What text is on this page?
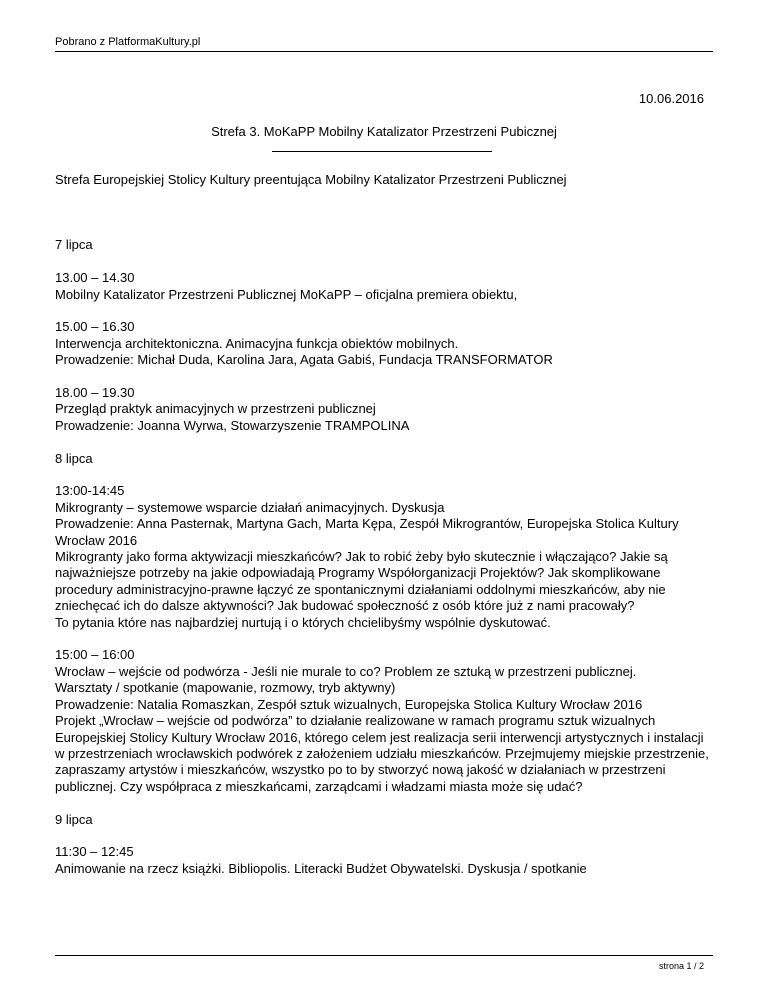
Pobrano z PlatformaKultury.pl
10.06.2016
Strefa 3. MoKaPP Mobilny Katalizator Przestrzeni Pubicznej

Strefa Europejskiej Stolicy Kultury preentująca Mobilny Katalizator Przestrzeni Publicznej

7 lipca

13.00 – 14.30
Mobilny Katalizator Przestrzeni Publicznej MoKaPP – oficjalna premiera obiektu,

15.00 – 16.30
Interwencja architektoniczna. Animacyjna funkcja obiektów mobilnych.
Prowadzenie: Michał Duda, Karolina Jara, Agata Gabiś, Fundacja TRANSFORMATOR

18.00 – 19.30
Przegląd praktyk animacyjnych w przestrzeni publicznej
Prowadzenie: Joanna Wyrwa, Stowarzyszenie TRAMPOLINA

8 lipca

13:00-14:45
Mikrogranty – systemowe wsparcie działań animacyjnych. Dyskusja
Prowadzenie: Anna Pasternak, Martyna Gach, Marta Kępa, Zespół Mikrograntów, Europejska Stolica Kultury Wrocław 2016
Mikrogranty jako forma aktywizacji mieszkańców? Jak to robić żeby było skutecznie i włączająco? Jakie są najważniejsze potrzeby na jakie odpowiadają Programy Współorganizacji Projektów? Jak skomplikowane procedury administracyjno-prawne łączyć ze spontanicznymi działaniami oddolnymi mieszkańców, aby nie zniechęcać ich do dalsze aktywności? Jak budować społeczność z osób które już z nami pracowały?
To pytania które nas najbardziej nurtują i o których chcielibyśmy wspólnie dyskutować.

15:00 – 16:00
Wrocław – wejście od podwórza - Jeśli nie murale to co? Problem ze sztuką w przestrzeni publicznej.
Warsztaty / spotkanie (mapowanie, rozmowy, tryb aktywny)
Prowadzenie: Natalia Romaszkan, Zespół sztuk wizualnych, Europejska Stolica Kultury Wrocław 2016
Projekt „Wrocław – wejście od podwórza” to działanie realizowane w ramach programu sztuk wizualnych Europejskiej Stolicy Kultury Wrocław 2016, którego celem jest realizacja serii interwencji artystycznych i instalacji w przestrzeniach wrocławskich podwórek z założeniem udziału mieszkańców. Przejmujemy miejskie przestrzenie, zapraszamy artystów i mieszkańców, wszystko po to by stworzyć nową jakość w działaniach w przestrzeni publicznej. Czy współpraca z mieszkańcami, zarządcami i władzami miasta może się udać?

9 lipca

11:30 – 12:45
Animowanie na rzecz książki. Bibliopolis. Literacki Budżet Obywatelski. Dyskusja / spotkanie

strona 1 / 2
